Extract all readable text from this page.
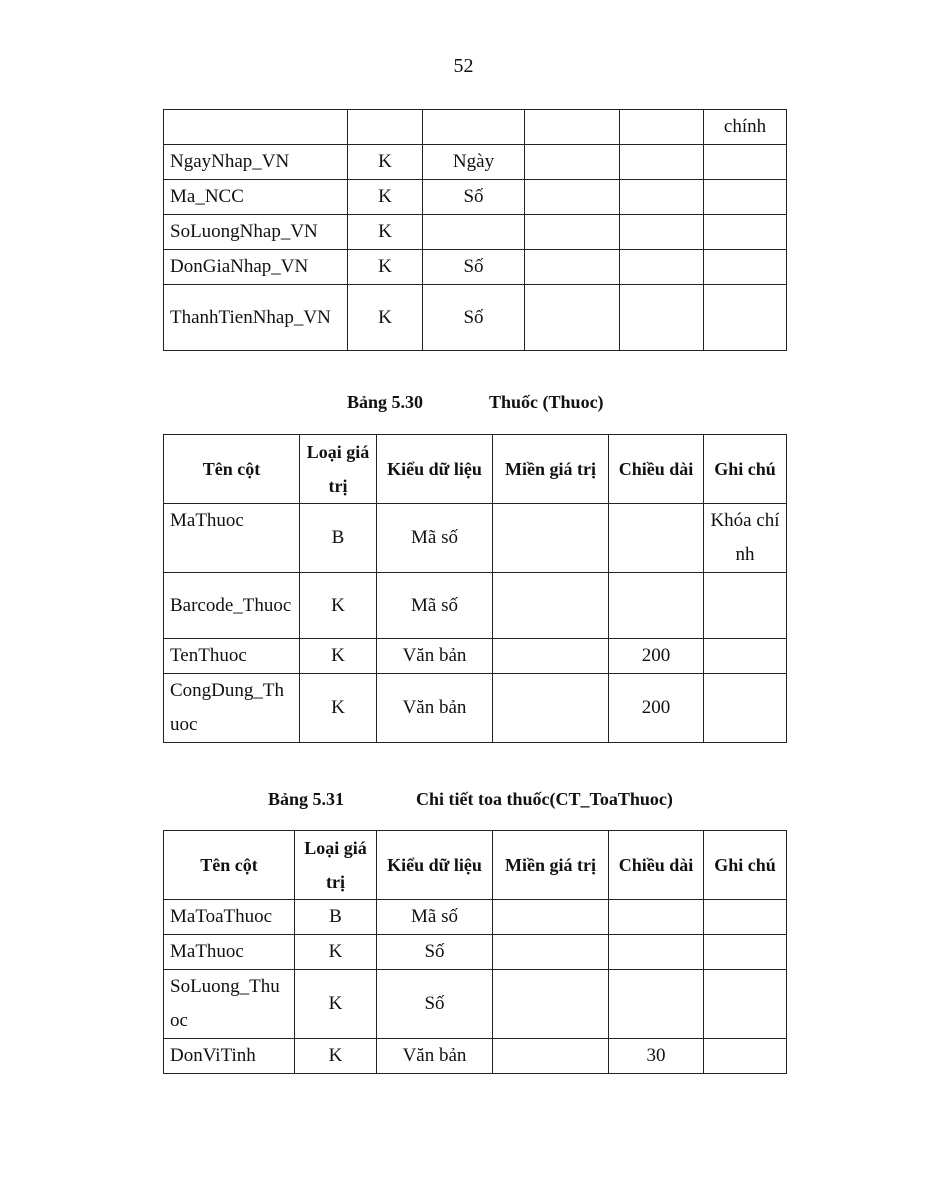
52
					chính
NgayNhap_VN	K	Ngày			
Ma_NCC	K	Số			
SoLuongNhap_VN	K				
DonGiaNhap_VN	K	Số			
ThanhTienNhap_VN	K	Số			
Bảng 5.30	Thuốc (Thuoc)
Tên cột	Loại giá trị	Kiểu dữ liệu	Miền giá trị	Chiều dài	Ghi chú
MaThuoc	B	Mã số			Khóa chính
Barcode_Thuoc	K	Mã số			
TenThuoc	K	Văn bản		200	
CongDung_Thuoc	K	Văn bản		200	
Bảng 5.31	Chi tiết toa thuốc(CT_ToaThuoc)
Tên cột	Loại giá trị	Kiểu dữ liệu	Miền giá trị	Chiều dài	Ghi chú
MaToaThuoc	B	Mã số			
MaThuoc	K	Số			
SoLuong_Thuoc	K	Số			
DonViTinh	K	Văn bản		30	
